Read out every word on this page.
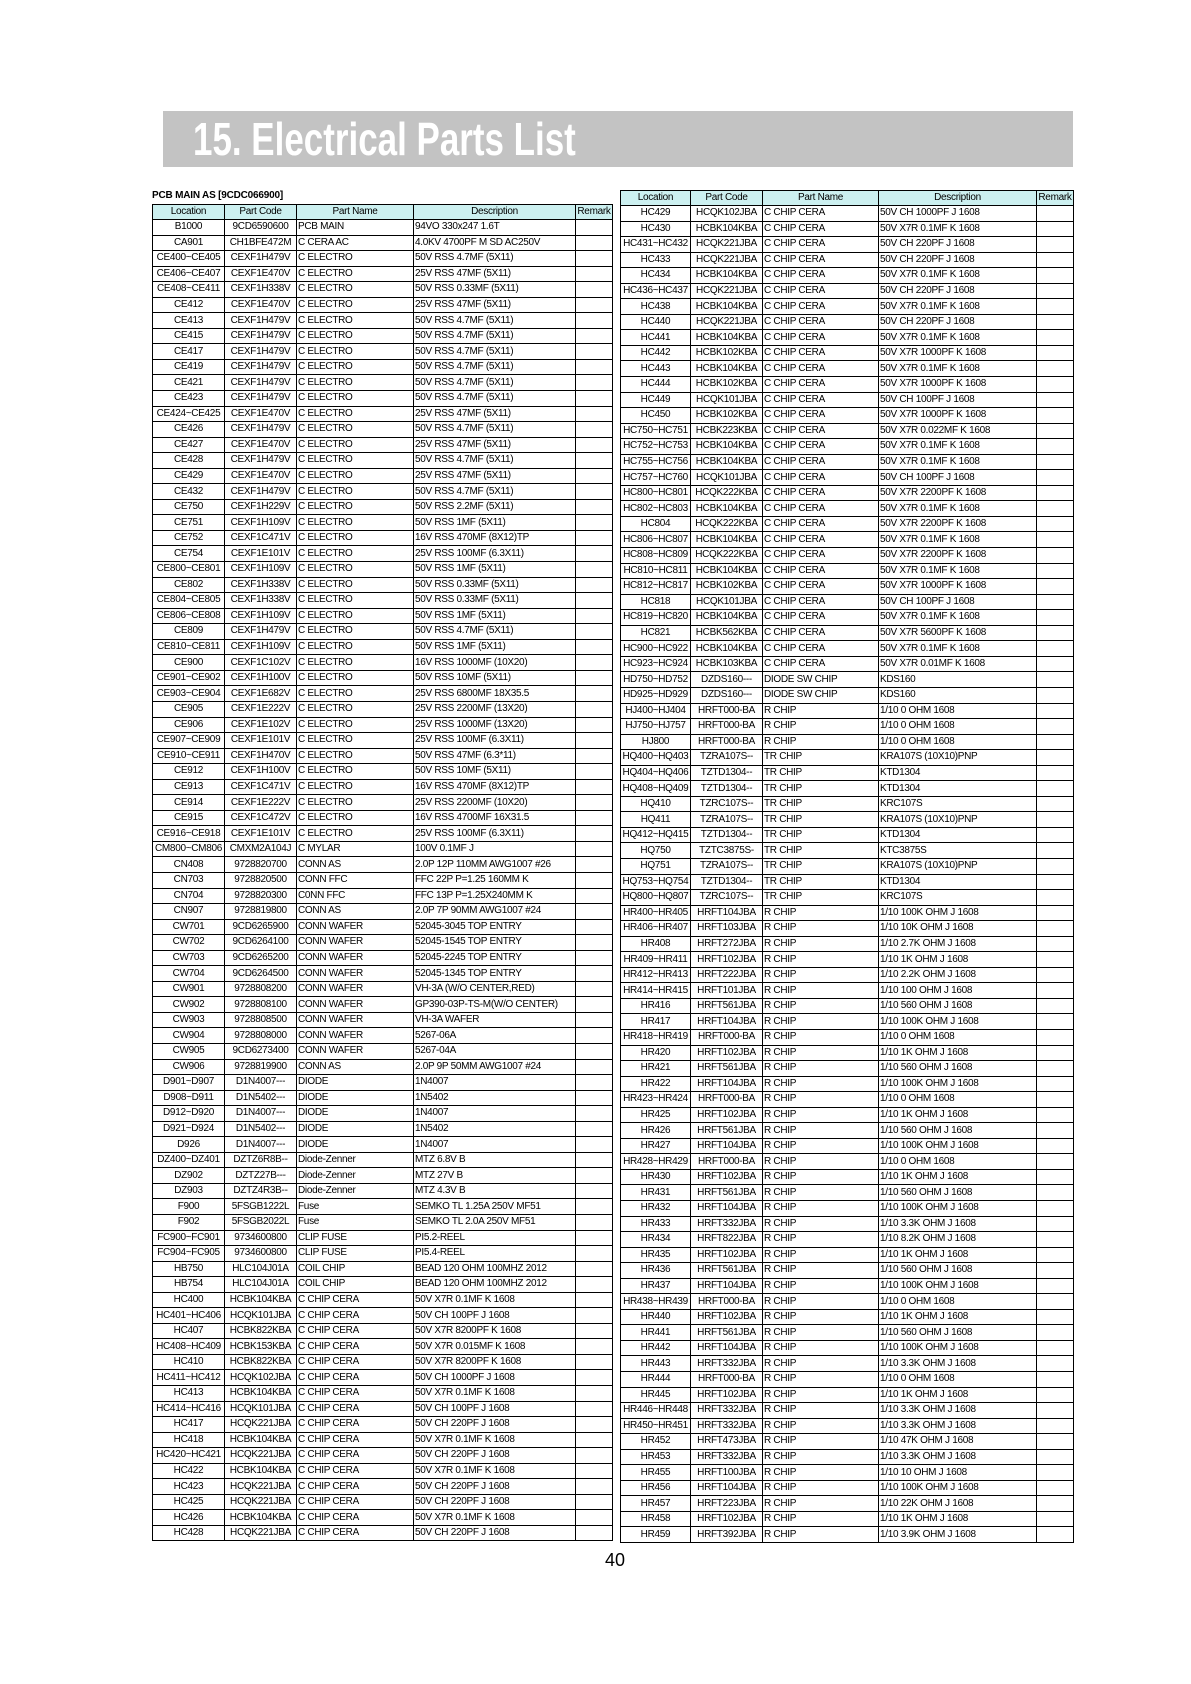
15. Electrical Parts List
PCB MAIN AS [9CDC066900]
Location	Part Code	Part Name	Description	Remark
B1000	9CD6590600	PCB MAIN	94VO 330x247 1.6T	
CA901	CH1BFE472M	C CERA AC	4.0KV 4700PF M SD AC250V	
CE400~CE405	CEXF1H479V	C ELECTRO	50V RSS 4.7MF (5X11)	
CE406~CE407	CEXF1E470V	C ELECTRO	25V RSS 47MF (5X11)	
CE408~CE411	CEXF1H338V	C ELECTRO	50V RSS 0.33MF (5X11)	
CE412	CEXF1E470V	C ELECTRO	25V RSS 47MF (5X11)	
CE413	CEXF1H479V	C ELECTRO	50V RSS 4.7MF (5X11)	
CE415	CEXF1H479V	C ELECTRO	50V RSS 4.7MF (5X11)	
CE417	CEXF1H479V	C ELECTRO	50V RSS 4.7MF (5X11)	
CE419	CEXF1H479V	C ELECTRO	50V RSS 4.7MF (5X11)	
CE421	CEXF1H479V	C ELECTRO	50V RSS 4.7MF (5X11)	
CE423	CEXF1H479V	C ELECTRO	50V RSS 4.7MF (5X11)	
CE424~CE425	CEXF1E470V	C ELECTRO	25V RSS 47MF (5X11)	
CE426	CEXF1H479V	C ELECTRO	50V RSS 4.7MF (5X11)	
CE427	CEXF1E470V	C ELECTRO	25V RSS 47MF (5X11)	
CE428	CEXF1H479V	C ELECTRO	50V RSS 4.7MF (5X11)	
CE429	CEXF1E470V	C ELECTRO	25V RSS 47MF (5X11)	
CE432	CEXF1H479V	C ELECTRO	50V RSS 4.7MF (5X11)	
CE750	CEXF1H229V	C ELECTRO	50V RSS 2.2MF (5X11)	
CE751	CEXF1H109V	C ELECTRO	50V RSS 1MF (5X11)	
CE752	CEXF1C471V	C ELECTRO	16V RSS 470MF (8X12)TP	
CE754	CEXF1E101V	C ELECTRO	25V RSS 100MF (6.3X11)	
CE800~CE801	CEXF1H109V	C ELECTRO	50V RSS 1MF (5X11)	
CE802	CEXF1H338V	C ELECTRO	50V RSS 0.33MF (5X11)	
CE804~CE805	CEXF1H338V	C ELECTRO	50V RSS 0.33MF (5X11)	
CE806~CE808	CEXF1H109V	C ELECTRO	50V RSS 1MF (5X11)	
CE809	CEXF1H479V	C ELECTRO	50V RSS 4.7MF (5X11)	
CE810~CE811	CEXF1H109V	C ELECTRO	50V RSS 1MF (5X11)	
CE900	CEXF1C102V	C ELECTRO	16V RSS 1000MF (10X20)	
CE901~CE902	CEXF1H100V	C ELECTRO	50V RSS 10MF (5X11)	
CE903~CE904	CEXF1E682V	C ELECTRO	25V RSS 6800MF 18X35.5	
CE905	CEXF1E222V	C ELECTRO	25V RSS 2200MF (13X20)	
CE906	CEXF1E102V	C ELECTRO	25V RSS 1000MF (13X20)	
CE907~CE909	CEXF1E101V	C ELECTRO	25V RSS 100MF (6.3X11)	
CE910~CE911	CEXF1H470V	C ELECTRO	50V RSS 47MF (6.3*11)	
CE912	CEXF1H100V	C ELECTRO	50V RSS 10MF (5X11)	
CE913	CEXF1C471V	C ELECTRO	16V RSS 470MF (8X12)TP	
CE914	CEXF1E222V	C ELECTRO	25V RSS 2200MF (10X20)	
CE915	CEXF1C472V	C ELECTRO	16V RSS 4700MF 16X31.5	
CE916~CE918	CEXF1E101V	C ELECTRO	25V RSS 100MF (6.3X11)	
CM800~CM806	CMXM2A104J	C MYLAR	100V 0.1MF J	
CN408	9728820700	CONN AS	2.0P 12P 110MM AWG1007 #26	
CN703	9728820500	CONN FFC	FFC 22P P=1.25 160MM K	
CN704	9728820300	C0NN FFC	FFC 13P P=1.25X240MM K	
CN907	9728819800	CONN AS	2.0P 7P 90MM AWG1007 #24	
CW701	9CD6265900	CONN WAFER	52045-3045 TOP ENTRY	
CW702	9CD6264100	CONN WAFER	52045-1545 TOP ENTRY	
CW703	9CD6265200	CONN WAFER	52045-2245 TOP ENTRY	
CW704	9CD6264500	CONN WAFER	52045-1345 TOP ENTRY	
CW901	9728808200	CONN WAFER	VH-3A (W/O CENTER,RED)	
CW902	9728808100	CONN WAFER	GP390-03P-TS-M(W/O CENTER)	
CW903	9728808500	CONN WAFER	VH-3A WAFER	
CW904	9728808000	CONN WAFER	5267-06A	
CW905	9CD6273400	CONN WAFER	5267-04A	
CW906	9728819900	CONN AS	2.0P 9P 50MM AWG1007 #24	
D901~D907	D1N4007---	DIODE	1N4007	
D908~D911	D1N5402---	DIODE	1N5402	
D912~D920	D1N4007---	DIODE	1N4007	
D921~D924	D1N5402---	DIODE	1N5402	
D926	D1N4007---	DIODE	1N4007	
DZ400~DZ401	DZTZ6R8B--	Diode-Zenner	MTZ 6.8V B	
DZ902	DZTZ27B---	Diode-Zenner	MTZ 27V B	
DZ903	DZTZ4R3B--	Diode-Zenner	MTZ 4.3V B	
F900	5FSGB1222L	Fuse	SEMKO TL 1.25A 250V MF51	
F902	5FSGB2022L	Fuse	SEMKO TL 2.0A 250V MF51	
FC900~FC901	9734600800	CLIP FUSE	PI5.2-REEL	
FC904~FC905	9734600800	CLIP FUSE	PI5.4-REEL	
HB750	HLC104J01A	COIL CHIP	BEAD 120 OHM 100MHZ 2012	
HB754	HLC104J01A	COIL CHIP	BEAD 120 OHM 100MHZ 2012	
HC400	HCBK104KBA	C CHIP CERA	50V X7R 0.1MF K 1608	
HC401~HC406	HCQK101JBA	C CHIP CERA	50V CH 100PF J 1608	
HC407	HCBK822KBA	C CHIP CERA	50V X7R 8200PF K 1608	
HC408~HC409	HCBK153KBA	C CHIP CERA	50V X7R 0.015MF K 1608	
HC410	HCBK822KBA	C CHIP CERA	50V X7R 8200PF K 1608	
HC411~HC412	HCQK102JBA	C CHIP CERA	50V CH 1000PF J 1608	
HC413	HCBK104KBA	C CHIP CERA	50V X7R 0.1MF K 1608	
HC414~HC416	HCQK101JBA	C CHIP CERA	50V CH 100PF J 1608	
HC417	HCQK221JBA	C CHIP CERA	50V CH 220PF J 1608	
HC418	HCBK104KBA	C CHIP CERA	50V X7R 0.1MF K 1608	
HC420~HC421	HCQK221JBA	C CHIP CERA	50V CH 220PF J 1608	
HC422	HCBK104KBA	C CHIP CERA	50V X7R 0.1MF K 1608	
HC423	HCQK221JBA	C CHIP CERA	50V CH 220PF J 1608	
HC425	HCQK221JBA	C CHIP CERA	50V CH 220PF J 1608	
HC426	HCBK104KBA	C CHIP CERA	50V X7R 0.1MF K 1608	
HC428	HCQK221JBA	C CHIP CERA	50V CH 220PF J 1608	
Location	Part Code	Part Name	Description	Remark
HC429	HCQK102JBA	C CHIP CERA	50V CH 1000PF J 1608	
HC430	HCBK104KBA	C CHIP CERA	50V X7R 0.1MF K 1608	
HC431~HC432	HCQK221JBA	C CHIP CERA	50V CH 220PF J 1608	
HC433	HCQK221JBA	C CHIP CERA	50V CH 220PF J 1608	
HC434	HCBK104KBA	C CHIP CERA	50V X7R 0.1MF K 1608	
HC436~HC437	HCQK221JBA	C CHIP CERA	50V CH 220PF J 1608	
HC438	HCBK104KBA	C CHIP CERA	50V X7R 0.1MF K 1608	
HC440	HCQK221JBA	C CHIP CERA	50V CH 220PF J 1608	
HC441	HCBK104KBA	C CHIP CERA	50V X7R 0.1MF K 1608	
HC442	HCBK102KBA	C CHIP CERA	50V X7R 1000PF K 1608	
HC443	HCBK104KBA	C CHIP CERA	50V X7R 0.1MF K 1608	
HC444	HCBK102KBA	C CHIP CERA	50V X7R 1000PF K 1608	
HC449	HCQK101JBA	C CHIP CERA	50V CH 100PF J 1608	
HC450	HCBK102KBA	C CHIP CERA	50V X7R 1000PF K 1608	
HC750~HC751	HCBK223KBA	C CHIP CERA	50V X7R 0.022MF K 1608	
HC752~HC753	HCBK104KBA	C CHIP CERA	50V X7R 0.1MF K 1608	
HC755~HC756	HCBK104KBA	C CHIP CERA	50V X7R 0.1MF K 1608	
HC757~HC760	HCQK101JBA	C CHIP CERA	50V CH 100PF J 1608	
HC800~HC801	HCQK222KBA	C CHIP CERA	50V X7R 2200PF K 1608	
HC802~HC803	HCBK104KBA	C CHIP CERA	50V X7R 0.1MF K 1608	
HC804	HCQK222KBA	C CHIP CERA	50V X7R 2200PF K 1608	
HC806~HC807	HCBK104KBA	C CHIP CERA	50V X7R 0.1MF K 1608	
HC808~HC809	HCQK222KBA	C CHIP CERA	50V X7R 2200PF K 1608	
HC810~HC811	HCBK104KBA	C CHIP CERA	50V X7R 0.1MF K 1608	
HC812~HC817	HCBK102KBA	C CHIP CERA	50V X7R 1000PF K 1608	
HC818	HCQK101JBA	C CHIP CERA	50V CH 100PF J 1608	
HC819~HC820	HCBK104KBA	C CHIP CERA	50V X7R 0.1MF K 1608	
HC821	HCBK562KBA	C CHIP CERA	50V X7R 5600PF K 1608	
HC900~HC922	HCBK104KBA	C CHIP CERA	50V X7R 0.1MF K 1608	
HC923~HC924	HCBK103KBA	C CHIP CERA	50V X7R 0.01MF K 1608	
HD750~HD752	DZDS160---	DIODE SW CHIP	KDS160	
HD925~HD929	DZDS160---	DIODE SW CHIP	KDS160	
HJ400~HJ404	HRFT000-BA	R CHIP	1/10 0 OHM 1608	
HJ750~HJ757	HRFT000-BA	R CHIP	1/10 0 OHM 1608	
HJ800	HRFT000-BA	R CHIP	1/10 0 OHM 1608	
HQ400~HQ403	TZRA107S--	TR CHIP	KRA107S (10X10)PNP	
HQ404~HQ406	TZTD1304--	TR CHIP	KTD1304	
HQ408~HQ409	TZTD1304--	TR CHIP	KTD1304	
HQ410	TZRC107S--	TR CHIP	KRC107S	
HQ411	TZRA107S--	TR CHIP	KRA107S (10X10)PNP	
HQ412~HQ415	TZTD1304--	TR CHIP	KTD1304	
HQ750	TZTC3875S-	TR CHIP	KTC3875S	
HQ751	TZRA107S--	TR CHIP	KRA107S (10X10)PNP	
HQ753~HQ754	TZTD1304--	TR CHIP	KTD1304	
HQ800~HQ807	TZRC107S--	TR CHIP	KRC107S	
HR400~HR405	HRFT104JBA	R CHIP	1/10 100K OHM J 1608	
HR406~HR407	HRFT103JBA	R CHIP	1/10 10K OHM J 1608	
HR408	HRFT272JBA	R CHIP	1/10 2.7K OHM J 1608	
HR409~HR411	HRFT102JBA	R CHIP	1/10 1K OHM J 1608	
HR412~HR413	HRFT222JBA	R CHIP	1/10 2.2K OHM J 1608	
HR414~HR415	HRFT101JBA	R CHIP	1/10 100 OHM J 1608	
HR416	HRFT561JBA	R CHIP	1/10 560 OHM J 1608	
HR417	HRFT104JBA	R CHIP	1/10 100K OHM J 1608	
HR418~HR419	HRFT000-BA	R CHIP	1/10 0 OHM 1608	
HR420	HRFT102JBA	R CHIP	1/10 1K OHM J 1608	
HR421	HRFT561JBA	R CHIP	1/10 560 OHM J 1608	
HR422	HRFT104JBA	R CHIP	1/10 100K OHM J 1608	
HR423~HR424	HRFT000-BA	R CHIP	1/10 0 OHM 1608	
HR425	HRFT102JBA	R CHIP	1/10 1K OHM J 1608	
HR426	HRFT561JBA	R CHIP	1/10 560 OHM J 1608	
HR427	HRFT104JBA	R CHIP	1/10 100K OHM J 1608	
HR428~HR429	HRFT000-BA	R CHIP	1/10 0 OHM 1608	
HR430	HRFT102JBA	R CHIP	1/10 1K OHM J 1608	
HR431	HRFT561JBA	R CHIP	1/10 560 OHM J 1608	
HR432	HRFT104JBA	R CHIP	1/10 100K OHM J 1608	
HR433	HRFT332JBA	R CHIP	1/10 3.3K OHM J 1608	
HR434	HRFT822JBA	R CHIP	1/10 8.2K OHM J 1608	
HR435	HRFT102JBA	R CHIP	1/10 1K OHM J 1608	
HR436	HRFT561JBA	R CHIP	1/10 560 OHM J 1608	
HR437	HRFT104JBA	R CHIP	1/10 100K OHM J 1608	
HR438~HR439	HRFT000-BA	R CHIP	1/10 0 OHM 1608	
HR440	HRFT102JBA	R CHIP	1/10 1K OHM J 1608	
HR441	HRFT561JBA	R CHIP	1/10 560 OHM J 1608	
HR442	HRFT104JBA	R CHIP	1/10 100K OHM J 1608	
HR443	HRFT332JBA	R CHIP	1/10 3.3K OHM J 1608	
HR444	HRFT000-BA	R CHIP	1/10 0 OHM 1608	
HR445	HRFT102JBA	R CHIP	1/10 1K OHM J 1608	
HR446~HR448	HRFT332JBA	R CHIP	1/10 3.3K OHM J 1608	
HR450~HR451	HRFT332JBA	R CHIP	1/10 3.3K OHM J 1608	
HR452	HRFT473JBA	R CHIP	1/10 47K OHM J 1608	
HR453	HRFT332JBA	R CHIP	1/10 3.3K OHM J 1608	
HR455	HRFT100JBA	R CHIP	1/10 10 OHM J 1608	
HR456	HRFT104JBA	R CHIP	1/10 100K OHM J 1608	
HR457	HRFT223JBA	R CHIP	1/10 22K OHM J 1608	
HR458	HRFT102JBA	R CHIP	1/10 1K OHM J 1608	
HR459	HRFT392JBA	R CHIP	1/10 3.9K OHM J 1608	
40
